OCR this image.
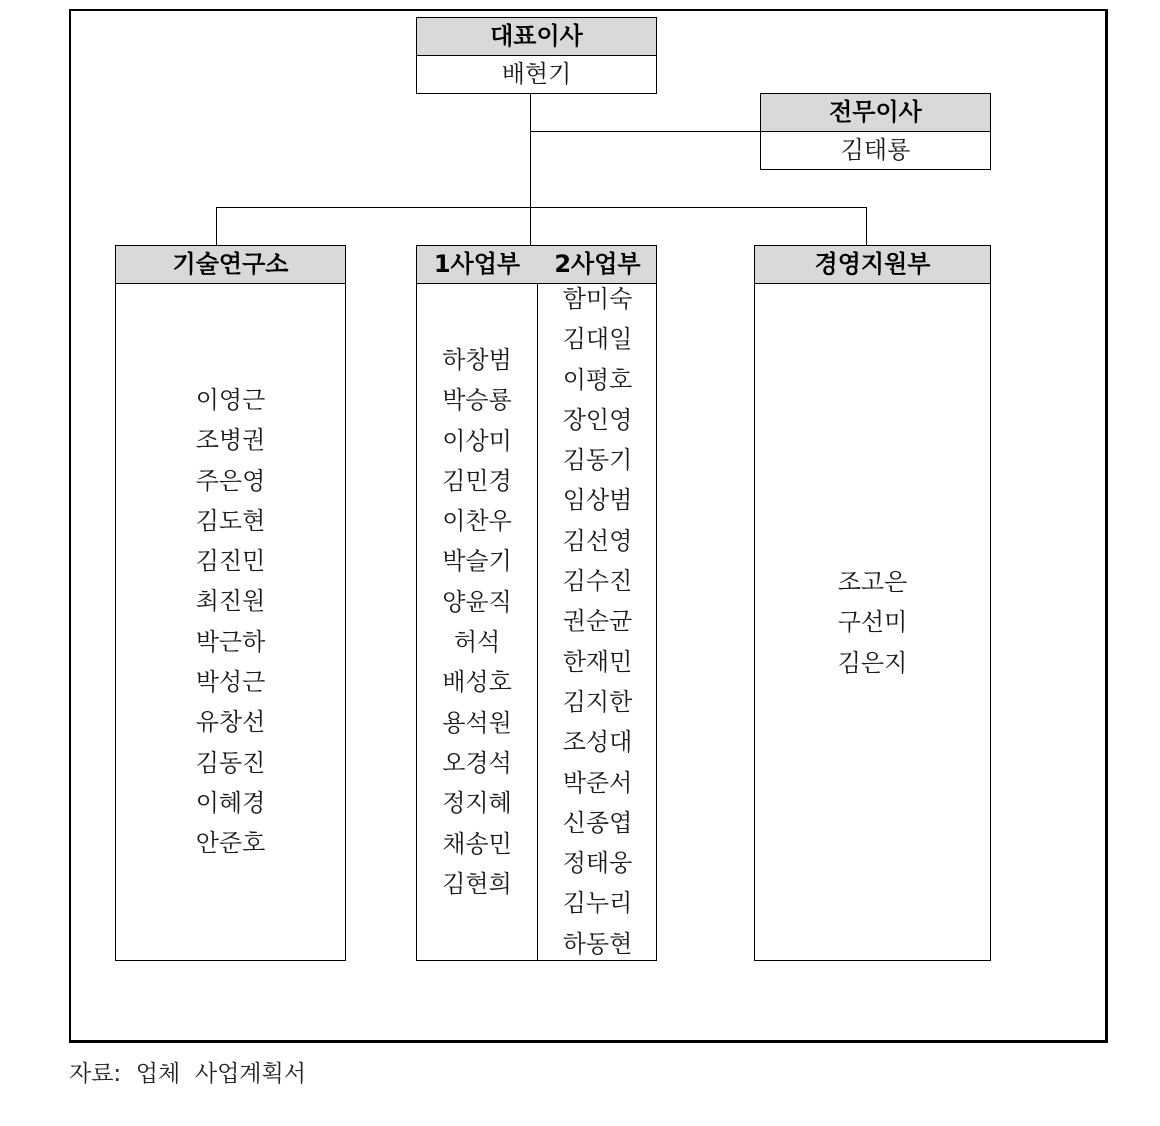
대표이사
배현기
전무이사
김태룡
기술연구소
이영근
조병권
주은영
김도현
김진민
최진원
박근하
박성근
유창선
김동진
이혜경
안준호
1사업부	2사업부
하창범
박승룡
이상미
김민경
이찬우
박슬기
양윤직
허석
배성호
용석원
오경석
정지혜
채송민
김현희
함미숙
김대일
이평호
장인영
김동기
임상범
김선영
김수진
권순균
한재민
김지한
조성대
박준서
신종엽
정태웅
김누리
하동현
경영지원부
조고은
구선미
김은지
자료:  업체  사업계획서
